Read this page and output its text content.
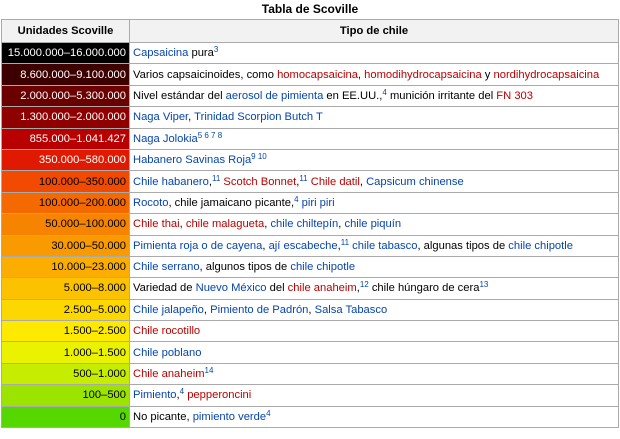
Tabla de Scoville
Unidades Scoville	Tipo de chile
15.000.000–16.000.000	Capsaicina pura$^3$
8.600.000–9.100.000	Varios capsaicinoides, como homocapsaicina, homodihydrocapsaicina y nordihydrocapsaicina
2.000.000–5.300.000	Nivel estándar del aerosol de pimienta en EE.UU.,$^4$ munición irritante del FN 303
1.300.000–2.000.000	Naga Viper, Trinidad Scorpion Butch T
855.000–1.041.427	Naga Jolokia$^{5 6 7 8}$
350.000–580.000	Habanero Savinas Roja$^{9 10}$
100.000–350.000	Chile habanero,$^{11}$ Scotch Bonnet,$^{11}$ Chile datil, Capsicum chinense
100.000–200.000	Rocoto, chile jamaicano picante,$^4$ piri piri
50.000–100.000	Chile thai, chile malagueta, chile chiltepín, chile piquín
30.000–50.000	Pimienta roja o de cayena, ají escabeche,$^{11}$ chile tabasco, algunas tipos de chile chipotle
10.000–23.000	Chile serrano, algunos tipos de chile chipotle
5.000–8.000	Variedad de Nuevo México del chile anaheim,$^{12}$ chile húngaro de cera$^{13}$
2.500–5.000	Chile jalapeño, Pimiento de Padrón, Salsa Tabasco
1.500–2.500	Chile rocotillo
1.000–1.500	Chile poblano
500–1.000	Chile anaheim$^{14}$
100–500	Pimiento,$^4$ pepperoncini
0	No picante, pimiento verde$^4$
